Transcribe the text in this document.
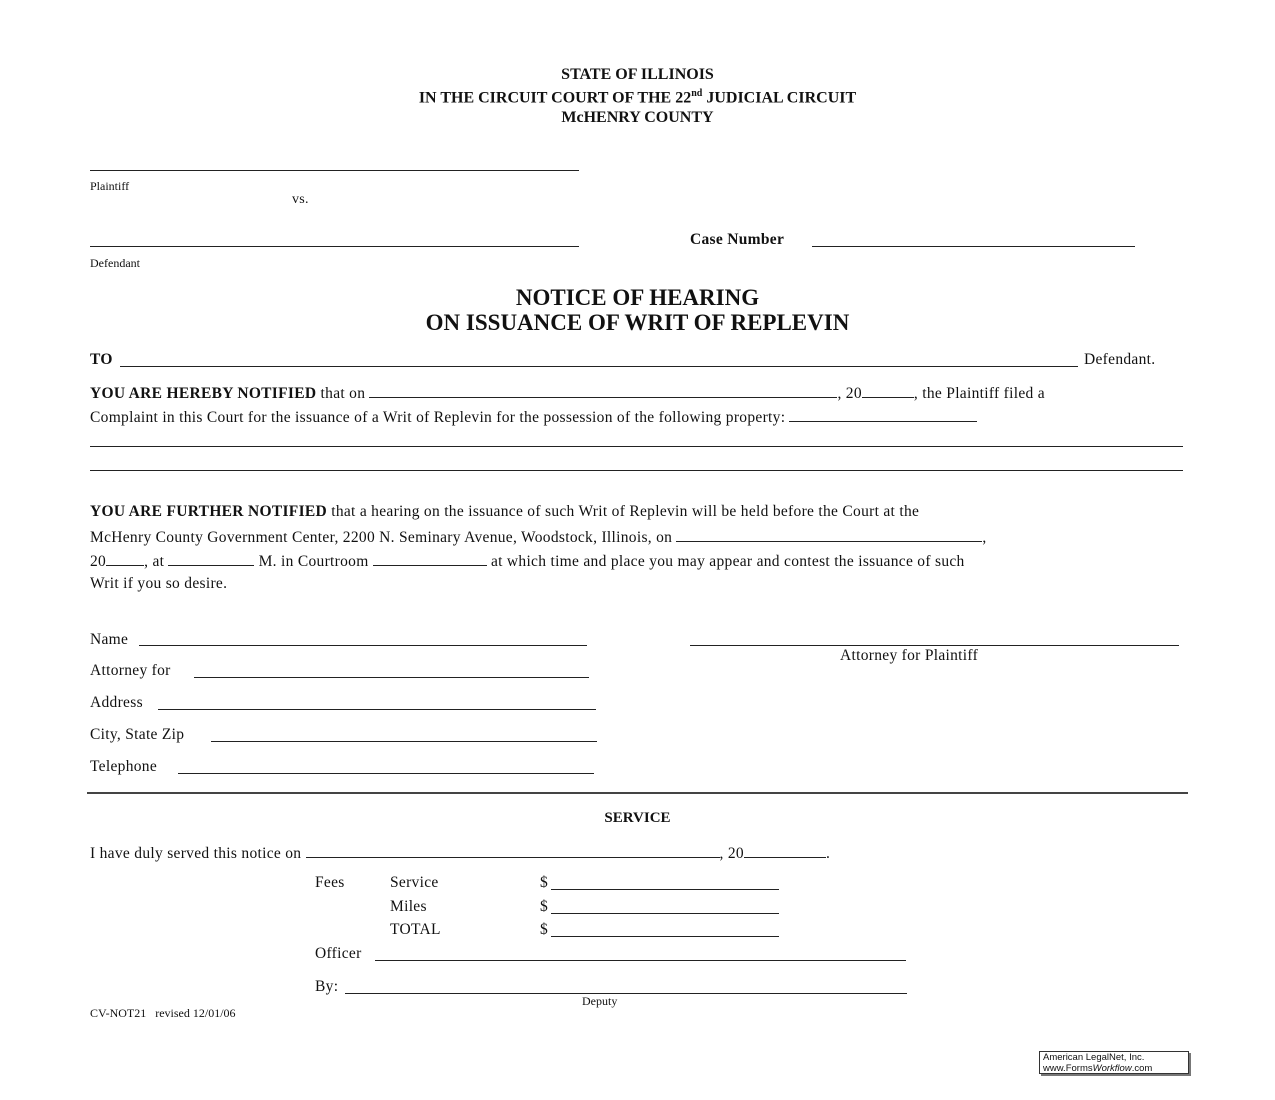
STATE OF ILLINOIS
IN THE CIRCUIT COURT OF THE 22nd JUDICIAL CIRCUIT
McHENRY COUNTY
Plaintiff
vs.
Defendant
Case Number
NOTICE OF HEARING
ON ISSUANCE OF WRIT OF REPLEVIN
TO	Defendant.
YOU ARE HEREBY NOTIFIED that on	, 20	, the Plaintiff filed a
Complaint in this Court for the issuance of a Writ of Replevin for the possession of the following property:
YOU ARE FURTHER NOTIFIED that a hearing on the issuance of such Writ of Replevin will be held before the Court at the
McHenry County Government Center, 2200 N. Seminary Avenue, Woodstock, Illinois, on	,
20 , at	M. in Courtroom	at which time and place you may appear and contest the issuance of such
Writ if you so desire.
Name
Attorney for
Address
City, State Zip
Telephone
Attorney for Plaintiff
SERVICE
I have duly served this notice on	, 20	.
Fees	Service	$
Miles	$
TOTAL	$
Officer
By:
Deputy
CV-NOT21   revised 12/01/06
American LegalNet, Inc.
www.FormsWorkflow.com
